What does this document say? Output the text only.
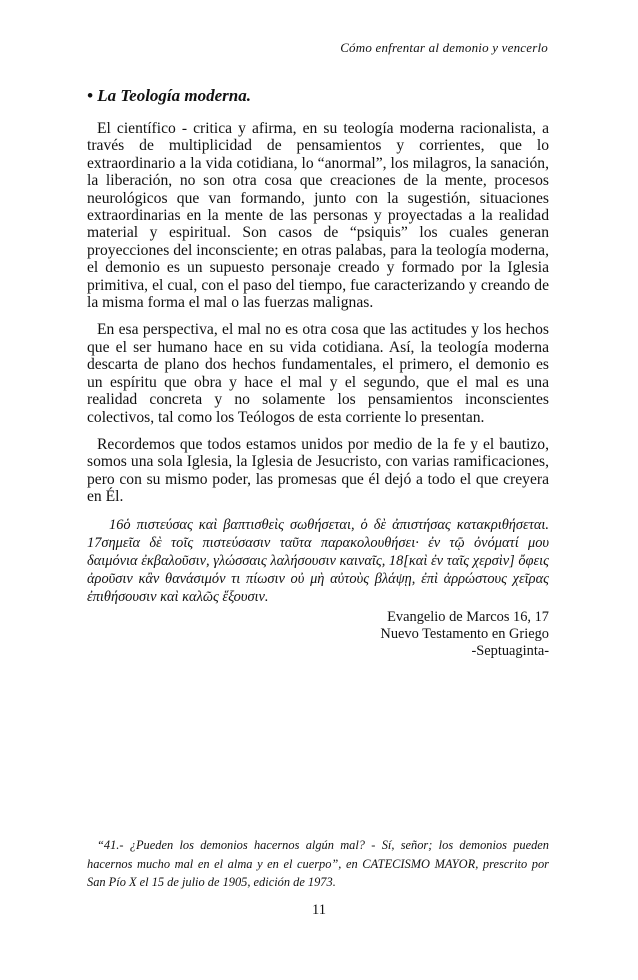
Cómo enfrentar al demonio y vencerlo
• La Teología moderna.

El científico - critica y afirma, en su teología moderna racionalista, a través de multiplicidad de pensamientos y corrientes, que lo extraordinario a la vida cotidiana, lo “anormal”, los milagros, la sanación, la liberación, no son otra cosa que creaciones de la mente, procesos neurológicos que van formando, junto con la sugestión, situaciones extraordinarias en la mente de las personas y proyectadas a la realidad material y espiritual. Son casos de “psiquis” los cuales generan proyecciones del inconsciente; en otras palabas, para la teología moderna, el demonio es un supuesto personaje creado y formado por la Iglesia primitiva, el cual, con el paso del tiempo, fue caracterizando y creando de la misma forma el mal o las fuerzas malignas.

En esa perspectiva, el mal no es otra cosa que las actitudes y los hechos que el ser humano hace en su vida cotidiana. Así, la teología moderna descarta de plano dos hechos fundamentales, el primero, el demonio es un espíritu que obra y hace el mal y el segundo, que el mal es una realidad concreta y no solamente los pensamientos inconscientes colectivos, tal como los Teólogos de esta corriente lo presentan.

Recordemos que todos estamos unidos por medio de la fe y el bautizo, somos una sola Iglesia, la Iglesia de Jesucristo, con varias ramificaciones, pero con su mismo poder, las promesas que él dejó a todo el que creyera en Él.

16ὁ πιστεύσας καὶ βαπτισθεὶς σωθήσεται, ὁ δὲ ἀπιστήσας κατακριθήσεται. 17σημεῖα δὲ τοῖς πιστεύσασιν ταῦτα παρακολουθήσει· ἐν τῷ ὀνόματί μου δαιμόνια ἐκβαλοῦσιν, γλώσσαις λαλήσουσιν καιναῖς, 18[καὶ ἐν ταῖς χερσὶν] ὄφεις ἀροῦσιν κἂν θανάσιμόν τι πίωσιν οὐ μὴ αὐτοὺς βλάψῃ, ἐπὶ ἀρρώστους χεῖρας ἐπιθήσουσιν καὶ καλῶς ἕξουσιν.

Evangelio de Marcos 16, 17
Nuevo Testamento en Griego
-Septuaginta-
“41.- ¿Pueden los demonios hacernos algún mal? - Sí, señor; los demonios pueden hacernos mucho mal en el alma y en el cuerpo”, en CATECISMO MAYOR, prescrito por San Pío X el 15 de julio de 1905, edición de 1973.
11
